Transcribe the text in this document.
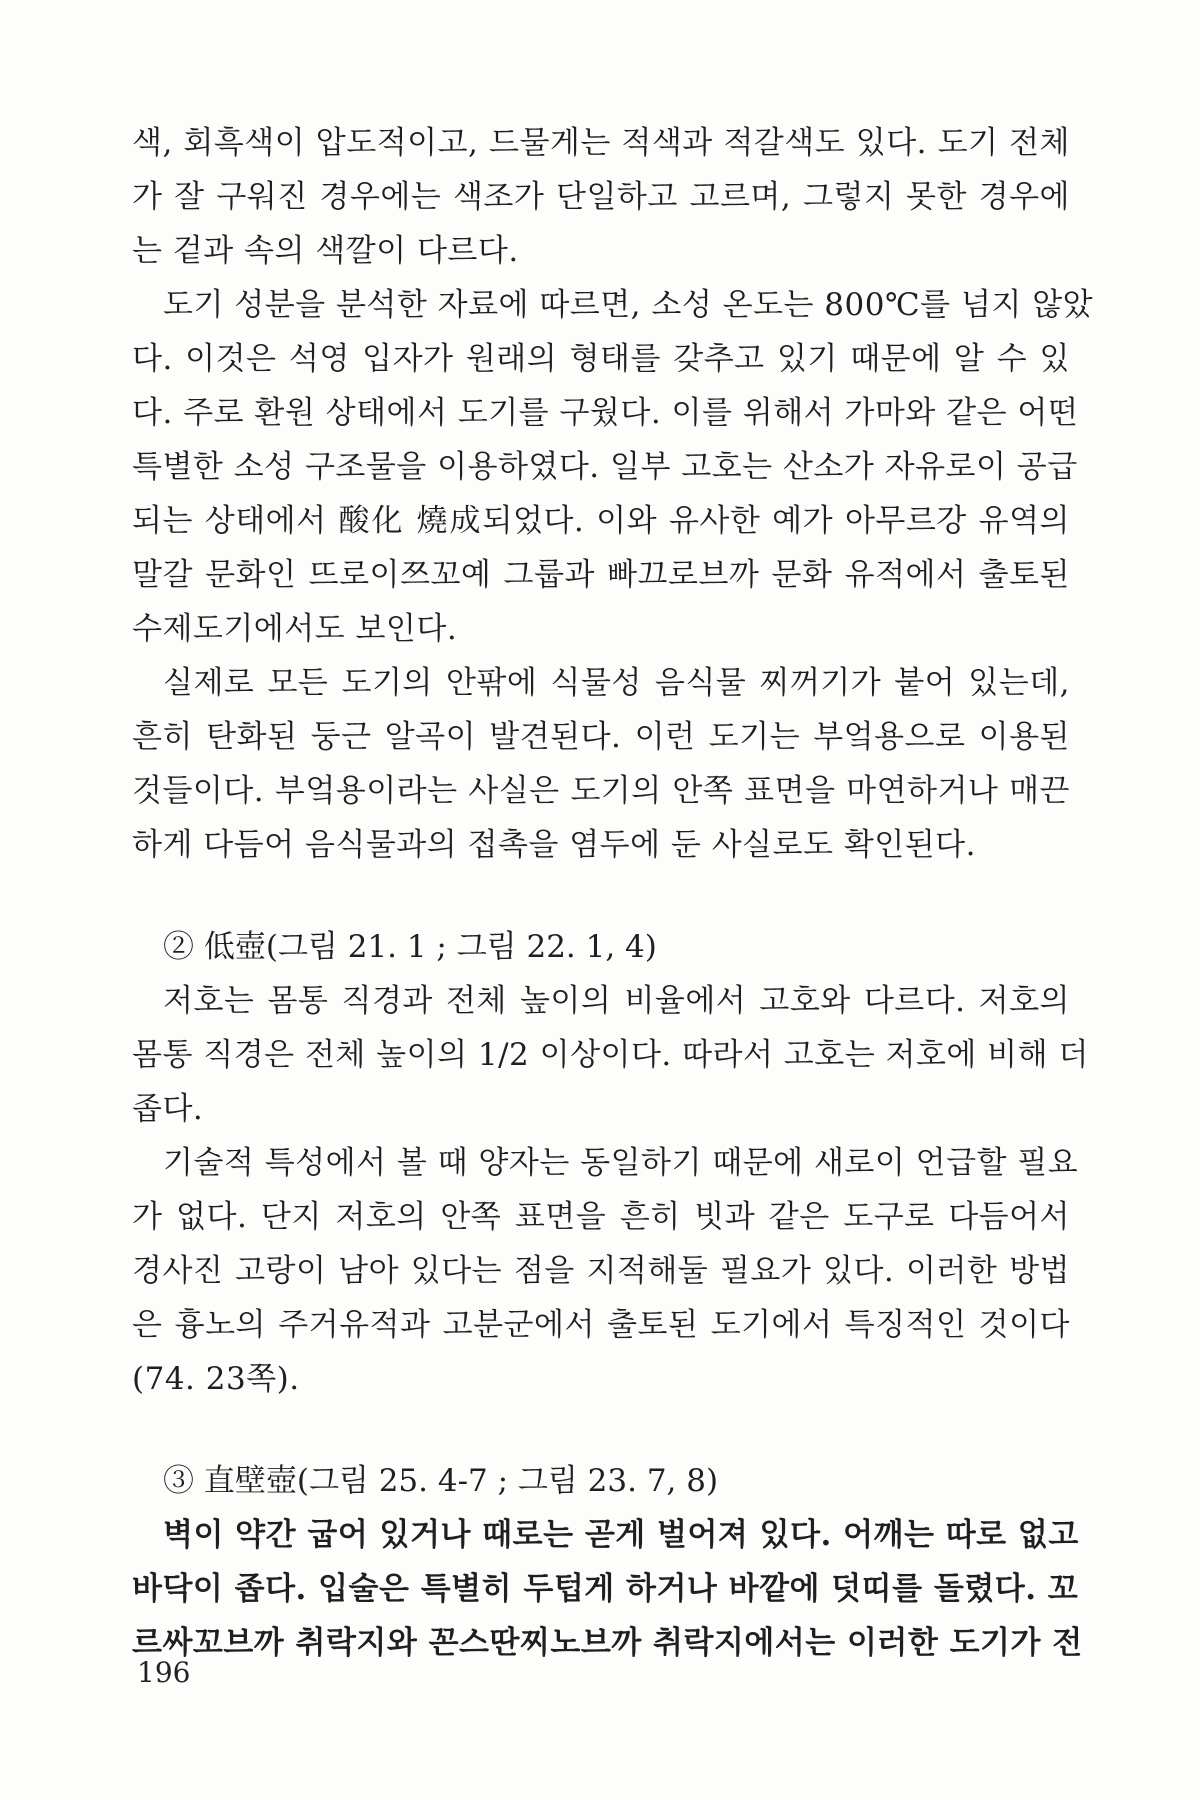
색, 회흑색이 압도적이고, 드물게는 적색과 적갈색도 있다. 도기 전체
가 잘 구워진 경우에는 색조가 단일하고 고르며, 그렇지 못한 경우에
는 겉과 속의 색깔이 다르다.
도기 성분을 분석한 자료에 따르면, 소성 온도는 800℃를 넘지 않았
다. 이것은 석영 입자가 원래의 형태를 갖추고 있기 때문에 알 수 있
다. 주로 환원 상태에서 도기를 구웠다. 이를 위해서 가마와 같은 어떤
특별한 소성 구조물을 이용하였다. 일부 고호는 산소가 자유로이 공급
되는 상태에서 酸化 燒成되었다. 이와 유사한 예가 아무르강 유역의
말갈 문화인 뜨로이쯔꼬예 그룹과 빠끄로브까 문화 유적에서 출토된
수제도기에서도 보인다.
실제로 모든 도기의 안팎에 식물성 음식물 찌꺼기가 붙어 있는데,
흔히 탄화된 둥근 알곡이 발견된다. 이런 도기는 부엌용으로 이용된
것들이다. 부엌용이라는 사실은 도기의 안쪽 표면을 마연하거나 매끈
하게 다듬어 음식물과의 접촉을 염두에 둔 사실로도 확인된다.
② 低壺(그림 21. 1 ; 그림 22. 1, 4)
저호는 몸통 직경과 전체 높이의 비율에서 고호와 다르다. 저호의
몸통 직경은 전체 높이의 1/2 이상이다. 따라서 고호는 저호에 비해 더
좁다.
기술적 특성에서 볼 때 양자는 동일하기 때문에 새로이 언급할 필요
가 없다. 단지 저호의 안쪽 표면을 흔히 빗과 같은 도구로 다듬어서
경사진 고랑이 남아 있다는 점을 지적해둘 필요가 있다. 이러한 방법
은 흉노의 주거유적과 고분군에서 출토된 도기에서 특징적인 것이다
(74. 23쪽).
③ 直壁壺(그림 25. 4-7 ; 그림 23. 7, 8)
벽이 약간 굽어 있거나 때로는 곧게 벌어져 있다. 어깨는 따로 없고
바닥이 좁다. 입술은 특별히 두텁게 하거나 바깥에 덧띠를 돌렸다. 꼬
르싸꼬브까 취락지와 꼰스딴찌노브까 취락지에서는 이러한 도기가 전
196
